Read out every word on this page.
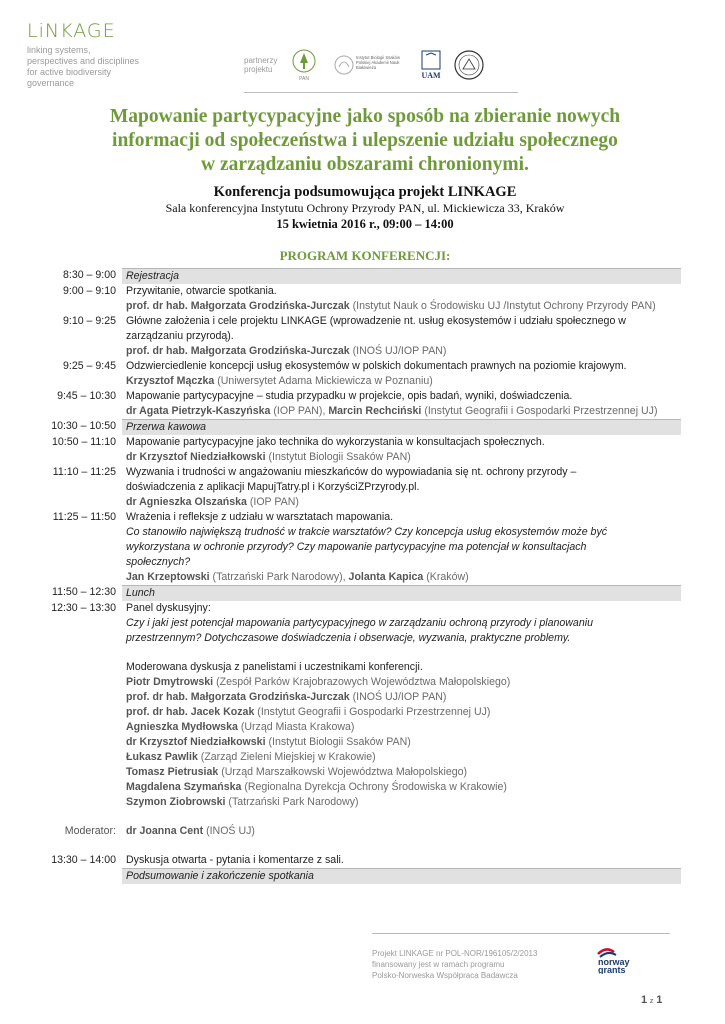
LiNKAGE
linking systems,
perspectives and disciplines
for active biodiversity
governance
partnerzy
projektu
PAN
Instytut Biologii Ssaków Polskiej Akademii Nauk Białowieża
UAM
Mapowanie partycypacyjne jako sposób na zbieranie nowych
informacji od społeczeństwa i ulepszenie udziału społecznego
w zarządzaniu obszarami chronionymi.
Konferencja podsumowująca projekt LINKAGE
Sala konferencyjna Instytutu Ochrony Przyrody PAN, ul. Mickiewicza 33, Kraków
15 kwietnia 2016 r., 09:00 – 14:00
PROGRAM KONFERENCJI:
8:30 – 9:00 Rejestracja
9:00 – 9:10 Przywitanie, otwarcie spotkania.
prof. dr hab. Małgorzata Grodzińska-Jurczak (Instytut Nauk o Środowisku UJ /Instytut Ochrony Przyrody PAN)
9:10 – 9:25 Główne założenia i cele projektu LINKAGE (wprowadzenie nt. usług ekosystemów i udziału społecznego w
zarządzaniu przyrodą).
prof. dr hab. Małgorzata Grodzińska-Jurczak (INOŚ UJ/IOP PAN)
9:25 – 9:45 Odzwierciedlenie koncepcji usług ekosystemów w polskich dokumentach prawnych na poziomie krajowym.
Krzysztof Mączka (Uniwersytet Adama Mickiewicza w Poznaniu)
9:45 – 10:30 Mapowanie partycypacyjne – studia przypadku w projekcie, opis badań, wyniki, doświadczenia.
dr Agata Pietrzyk-Kaszyńska (IOP PAN), Marcin Rechciński (Instytut Geografii i Gospodarki Przestrzennej UJ)
10:30 – 10:50 Przerwa kawowa
10:50 – 11:10 Mapowanie partycypacyjne jako technika do wykorzystania w konsultacjach społecznych.
dr Krzysztof Niedziałkowski (Instytut Biologii Ssaków PAN)
11:10 – 11:25 Wyzwania i trudności w angażowaniu mieszkańców do wypowiadania się nt. ochrony przyrody –
doświadczenia z aplikacji MapujTatry.pl i KorzyściZPrzyrody.pl.
dr Agnieszka Olszańska (IOP PAN)
11:25 – 11:50 Wrażenia i refleksje z udziału w warsztatach mapowania.
Co stanowiło największą trudność w trakcie warsztatów? Czy koncepcja usług ekosystemów może być
wykorzystana w ochronie przyrody? Czy mapowanie partycypacyjne ma potencjał w konsultacjach
społecznych?
Jan Krzeptowski (Tatrzański Park Narodowy), Jolanta Kapica (Kraków)
11:50 – 12:30 Lunch
12:30 – 13:30 Panel dyskusyjny:
Czy i jaki jest potencjał mapowania partycypacyjnego w zarządzaniu ochroną przyrody i planowaniu
przestrzennym? Dotychczasowe doświadczenia i obserwacje, wyzwania, praktyczne problemy.
Moderowana dyskusja z panelistami i uczestnikami konferencji.
Piotr Dmytrowski (Zespół Parków Krajobrazowych Województwa Małopolskiego)
prof. dr hab. Małgorzata Grodzińska-Jurczak (INOŚ UJ/IOP PAN)
prof. dr hab. Jacek Kozak (Instytut Geografii i Gospodarki Przestrzennej UJ)
Agnieszka Mydłowska (Urząd Miasta Krakowa)
dr Krzysztof Niedziałkowski (Instytut Biologii Ssaków PAN)
Łukasz Pawlik (Zarząd Zieleni Miejskiej w Krakowie)
Tomasz Pietrusiak (Urząd Marszałkowski Województwa Małopolskiego)
Magdalena Szymańska (Regionalna Dyrekcja Ochrony Środowiska w Krakowie)
Szymon Ziobrowski (Tatrzański Park Narodowy)
Moderator: dr Joanna Cent (INOŚ UJ)
13:30 – 14:00 Dyskusja otwarta - pytania i komentarze z sali.
Podsumowanie i zakończenie spotkania
Projekt LINKAGE nr POL-NOR/196105/2/2013
finansowany jest w ramach programu
Polsko-Norweska Współpraca Badawcza
norway
grants
1 z 1
